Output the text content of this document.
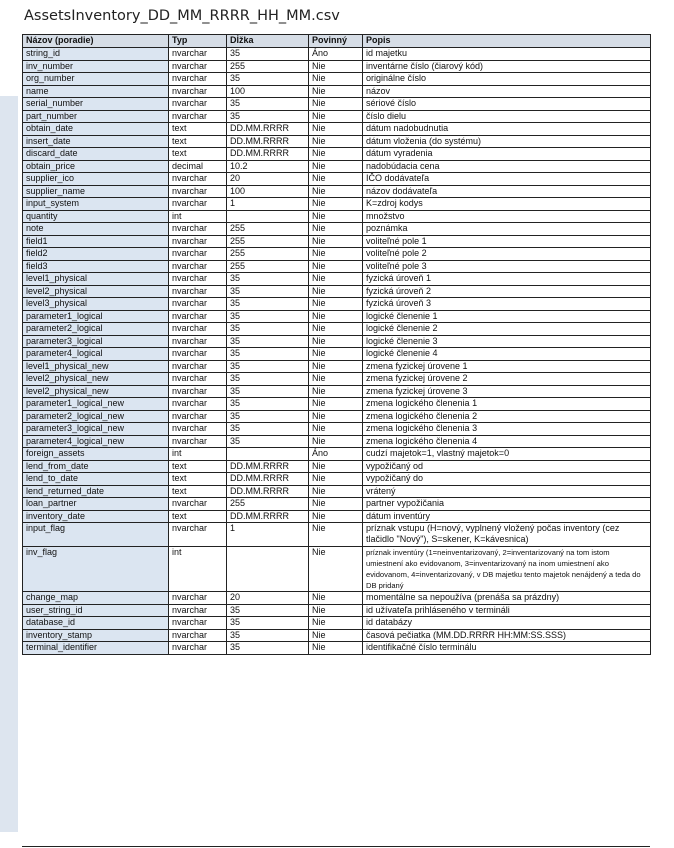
AssetsInventory_DD_MM_RRRR_HH_MM.csv
Názov (poradie)	Typ	Dĺžka	Povinný	Popis
string_id	nvarchar	35	Áno	id majetku
inv_number	nvarchar	255	Nie	inventárne číslo (čiarový kód)
org_number	nvarchar	35	Nie	originálne číslo
name	nvarchar	100	Nie	názov
serial_number	nvarchar	35	Nie	sériové číslo
part_number	nvarchar	35	Nie	číslo dielu
obtain_date	text	DD.MM.RRRR	Nie	dátum nadobudnutia
insert_date	text	DD.MM.RRRR	Nie	dátum vloženia (do systému)
discard_date	text	DD.MM.RRRR	Nie	dátum vyradenia
obtain_price	decimal	10.2	Nie	nadobúdacia cena
supplier_ico	nvarchar	20	Nie	IČO dodávateľa
supplier_name	nvarchar	100	Nie	názov dodávateľa
input_system	nvarchar	1	Nie	K=zdroj kodys
quantity	int		Nie	množstvo
note	nvarchar	255	Nie	poznámka
field1	nvarchar	255	Nie	voliteľné pole 1
field2	nvarchar	255	Nie	voliteľné pole 2
field3	nvarchar	255	Nie	voliteľné pole 3
level1_physical	nvarchar	35	Nie	fyzická úroveň 1
level2_physical	nvarchar	35	Nie	fyzická úroveň 2
level3_physical	nvarchar	35	Nie	fyzická úroveň 3
parameter1_logical	nvarchar	35	Nie	logické členenie 1
parameter2_logical	nvarchar	35	Nie	logické členenie 2
parameter3_logical	nvarchar	35	Nie	logické členenie 3
parameter4_logical	nvarchar	35	Nie	logické členenie 4
level1_physical_new	nvarchar	35	Nie	zmena fyzickej úrovene 1
level2_physical_new	nvarchar	35	Nie	zmena fyzickej úrovene 2
level2_physical_new	nvarchar	35	Nie	zmena fyzickej úrovene 3
parameter1_logical_new	nvarchar	35	Nie	zmena logického členenia 1
parameter2_logical_new	nvarchar	35	Nie	zmena logického členenia 2
parameter3_logical_new	nvarchar	35	Nie	zmena logického členenia 3
parameter4_logical_new	nvarchar	35	Nie	zmena logického členenia 4
foreign_assets	int		Áno	cudzí majetok=1, vlastný majetok=0
lend_from_date	text	DD.MM.RRRR	Nie	vypožičaný od
lend_to_date	text	DD.MM.RRRR	Nie	vypožičaný do
lend_returned_date	text	DD.MM.RRRR	Nie	vrátený
loan_partner	nvarchar	255	Nie	partner vypožičania
inventory_date	text	DD.MM.RRRR	Nie	dátum inventúry
input_flag	nvarchar	1	Nie	príznak vstupu (H=nový, vyplnený vložený počas inventory (cez tlačidlo "Nový"), S=skener, K=kávesnica)
inv_flag	int		Nie	príznak inventúry (1=neinventarizovaný, 2=inventarizovaný na tom istom umiestnení ako evidovanom, 3=inventarizovaný na inom umiestnení ako evidovanom, 4=inventarizovaný, v DB majetku tento majetok nenájdený a teda do DB pridaný
change_map	nvarchar	20	Nie	momentálne sa nepoužíva (prenáša sa prázdny)
user_string_id	nvarchar	35	Nie	id užívateľa prihláseného v termináli
database_id	nvarchar	35	Nie	id databázy
inventory_stamp	nvarchar	35	Nie	časová pečiatka (MM.DD.RRRR HH:MM:SS.SSS)
terminal_identifier	nvarchar	35	Nie	identifikačné číslo terminálu
